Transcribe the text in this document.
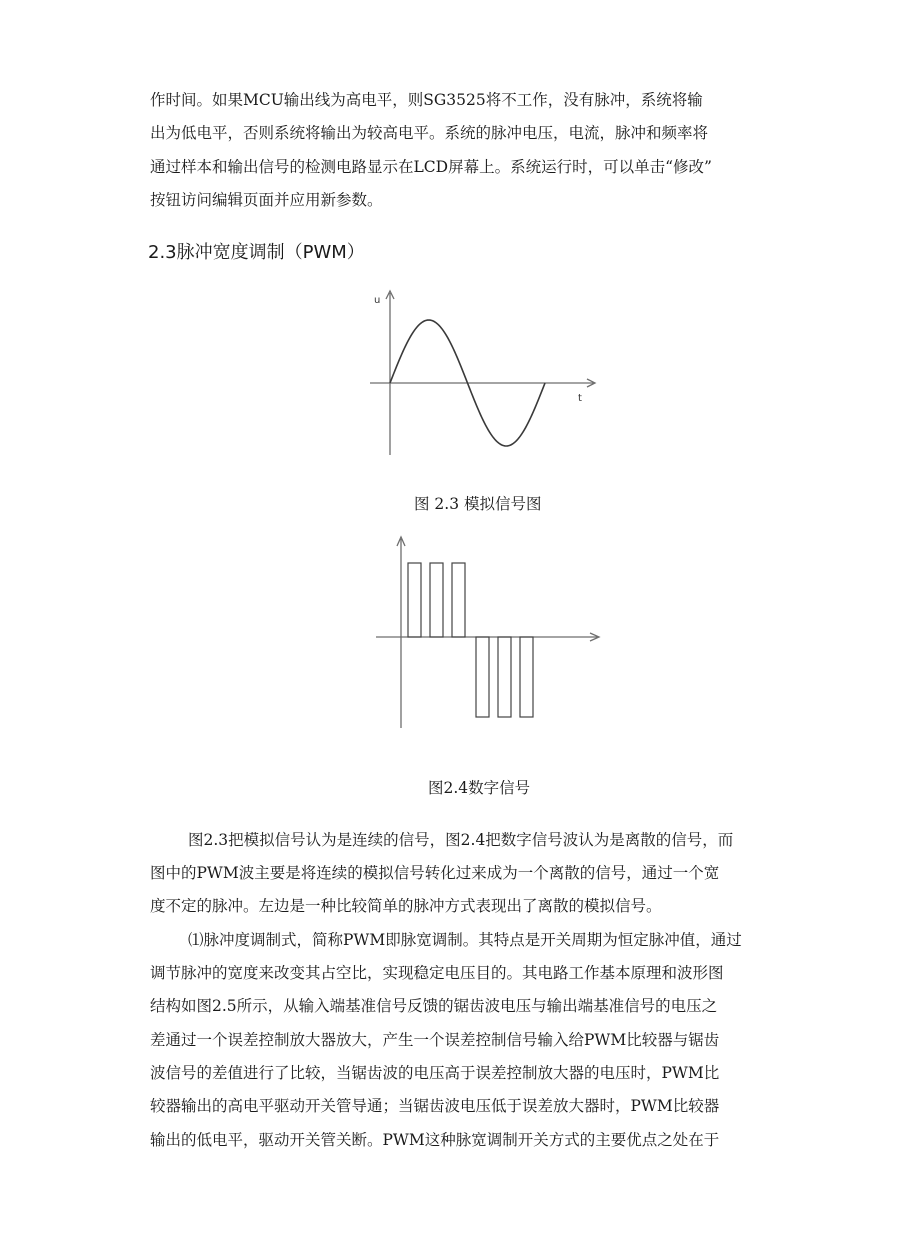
作时间。如果MCU输出线为高电平，则SG3525将不工作，没有脉冲，系统将输
出为低电平，否则系统将输出为较高电平。系统的脉冲电压，电流，脉冲和频率将
通过样本和输出信号的检测电路显示在LCD屏幕上。系统运行时，可以单击“修改”
按钮访问编辑页面并应用新参数。
2.3脉冲宽度调制（PWM）
u
t
图 2.3 模拟信号图
图2.4数字信号
图2.3把模拟信号认为是连续的信号，图2.4把数字信号波认为是离散的信号，而
图中的PWM波主要是将连续的模拟信号转化过来成为一个离散的信号，通过一个宽
度不定的脉冲。左边是一种比较简单的脉冲方式表现出了离散的模拟信号。
⑴脉冲度调制式，简称PWM即脉宽调制。其特点是开关周期为恒定脉冲值，通过
调节脉冲的宽度来改变其占空比，实现稳定电压目的。其电路工作基本原理和波形图
结构如图2.5所示，从输入端基准信号反馈的锯齿波电压与输出端基准信号的电压之
差通过一个误差控制放大器放大，产生一个误差控制信号输入给PWM比较器与锯齿
波信号的差值进行了比较，当锯齿波的电压高于误差控制放大器的电压时，PWM比
较器输出的高电平驱动开关管导通；当锯齿波电压低于误差放大器时，PWM比较器
输出的低电平，驱动开关管关断。PWM这种脉宽调制开关方式的主要优点之处在于
